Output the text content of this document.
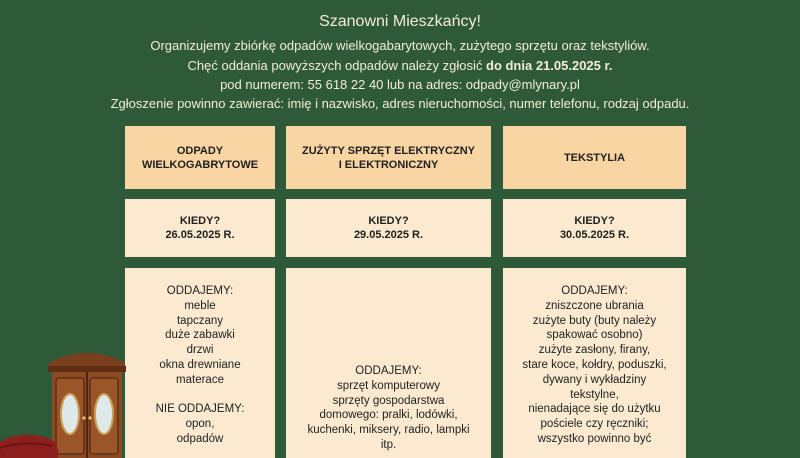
Szanowni Mieszkańcy!
Organizujemy zbiórkę odpadów wielkogabarytowych, zużytego sprzętu oraz tekstyliów.
Chęć oddania powyższych odpadów należy zgłosić do dnia 21.05.2025 r.
pod numerem: 55 618 22 40 lub na adres: odpady@mlynary.pl
Zgłoszenie powinno zawierać: imię i nazwisko, adres nieruchomości, numer telefonu, rodzaj odpadu.
ODPADY
WIELKOGABRYTOWE
ZUŻYTY SPRZĘT ELEKTRYCZNY
I ELEKTRONICZNY
TEKSTYLIA
KIEDY?
26.05.2025 R.
KIEDY?
29.05.2025 R.
KIEDY?
30.05.2025 R.
ODDAJEMY:
meble
tapczany
duże zabawki
drzwi
okna drewniane
materace

NIE ODDAJEMY:
opon,
odpadów
ODDAJEMY:
sprzęt komputerowy
sprzęty gospodarstwa
domowego: pralki, lodówki,
kuchenki, miksery, radio, lampki
itp.
ODDAJEMY:
zniszczone ubrania
zużyte buty (buty należy
spakować osobno)
zużyte zasłony, firany,
stare koce, kołdry, poduszki,
dywany i wykładziny
tekstylne,
nienadające się do użytku
pościele czy ręczniki;
wszystko powinno być
